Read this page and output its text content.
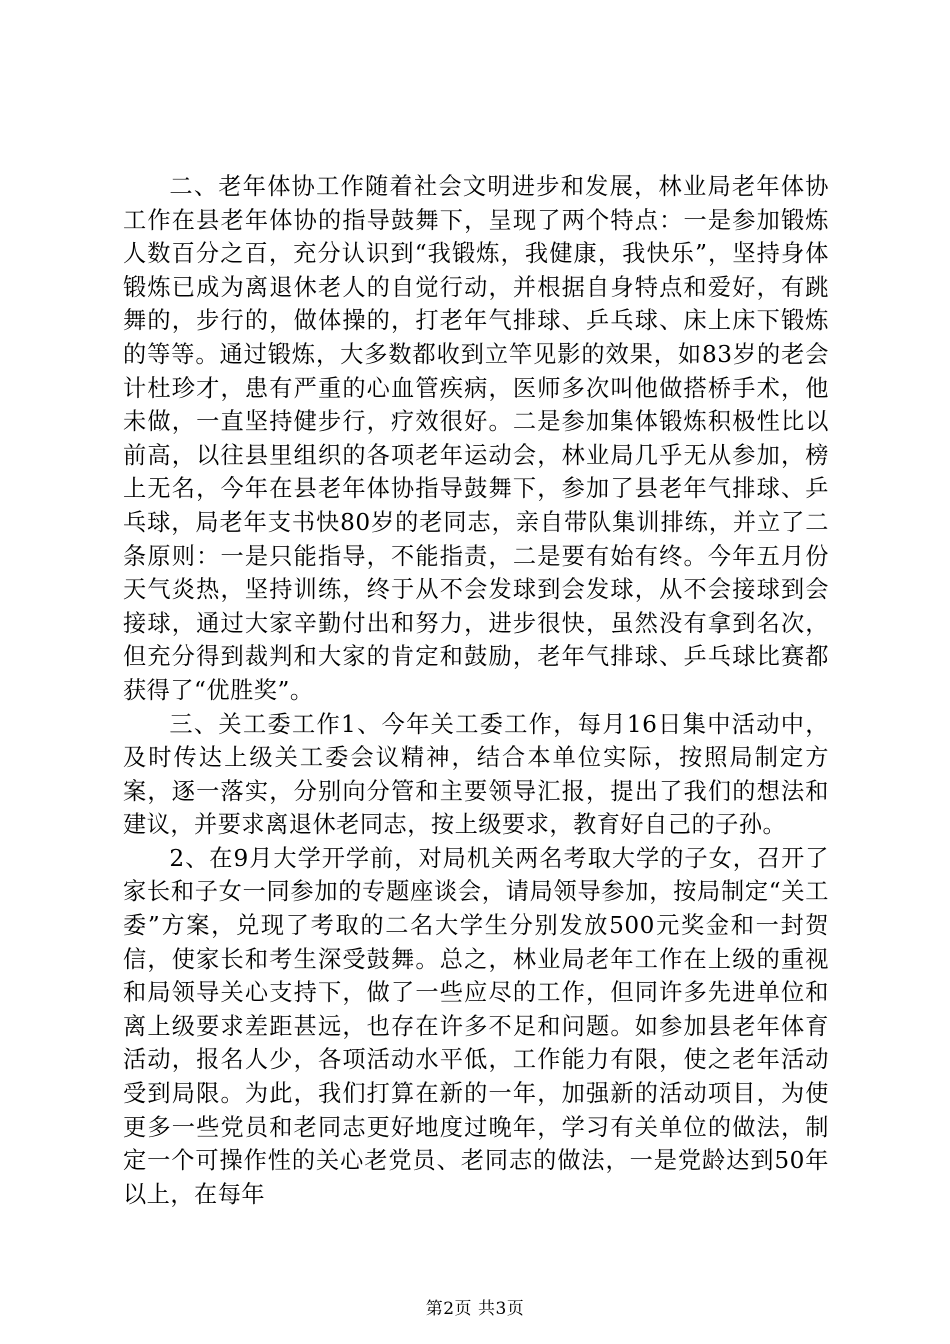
二、老年体协工作随着社会文明进步和发展，林业局老年体协工作在县老年体协的指导鼓舞下，呈现了两个特点：一是参加锻炼人数百分之百，充分认识到“我锻炼，我健康，我快乐”，坚持身体锻炼已成为离退休老人的自觉行动，并根据自身特点和爱好，有跳舞的，步行的，做体操的，打老年气排球、乒乓球、床上床下锻炼的等等。通过锻炼，大多数都收到立竿见影的效果，如83岁的老会计杜珍才，患有严重的心血管疾病，医师多次叫他做搭桥手术，他未做，一直坚持健步行，疗效很好。二是参加集体锻炼积极性比以前高，以往县里组织的各项老年运动会，林业局几乎无从参加，榜上无名，今年在县老年体协指导鼓舞下，参加了县老年气排球、乒乓球，局老年支书快80岁的老同志，亲自带队集训排练，并立了二条原则：一是只能指导，不能指责，二是要有始有终。今年五月份天气炎热，坚持训练，终于从不会发球到会发球，从不会接球到会接球，通过大家辛勤付出和努力，进步很快，虽然没有拿到名次，但充分得到裁判和大家的肯定和鼓励，老年气排球、乒乓球比赛都获得了“优胜奖”。

三、关工委工作1、今年关工委工作，每月16日集中活动中，及时传达上级关工委会议精神，结合本单位实际，按照局制定方案，逐一落实，分别向分管和主要领导汇报，提出了我们的想法和建议，并要求离退休老同志，按上级要求，教育好自己的子孙。

2、在9月大学开学前，对局机关两名考取大学的子女，召开了家长和子女一同参加的专题座谈会，请局领导参加，按局制定“关工委”方案，兑现了考取的二名大学生分别发放500元奖金和一封贺信，使家长和考生深受鼓舞。总之，林业局老年工作在上级的重视和局领导关心支持下，做了一些应尽的工作，但同许多先进单位和离上级要求差距甚远，也存在许多不足和问题。如参加县老年体育活动，报名人少，各项活动水平低，工作能力有限，使之老年活动受到局限。为此，我们打算在新的一年，加强新的活动项目，为使更多一些党员和老同志更好地度过晚年，学习有关单位的做法，制定一个可操作性的关心老党员、老同志的做法，一是党龄达到50年以上，在每年

第2页 共3页
